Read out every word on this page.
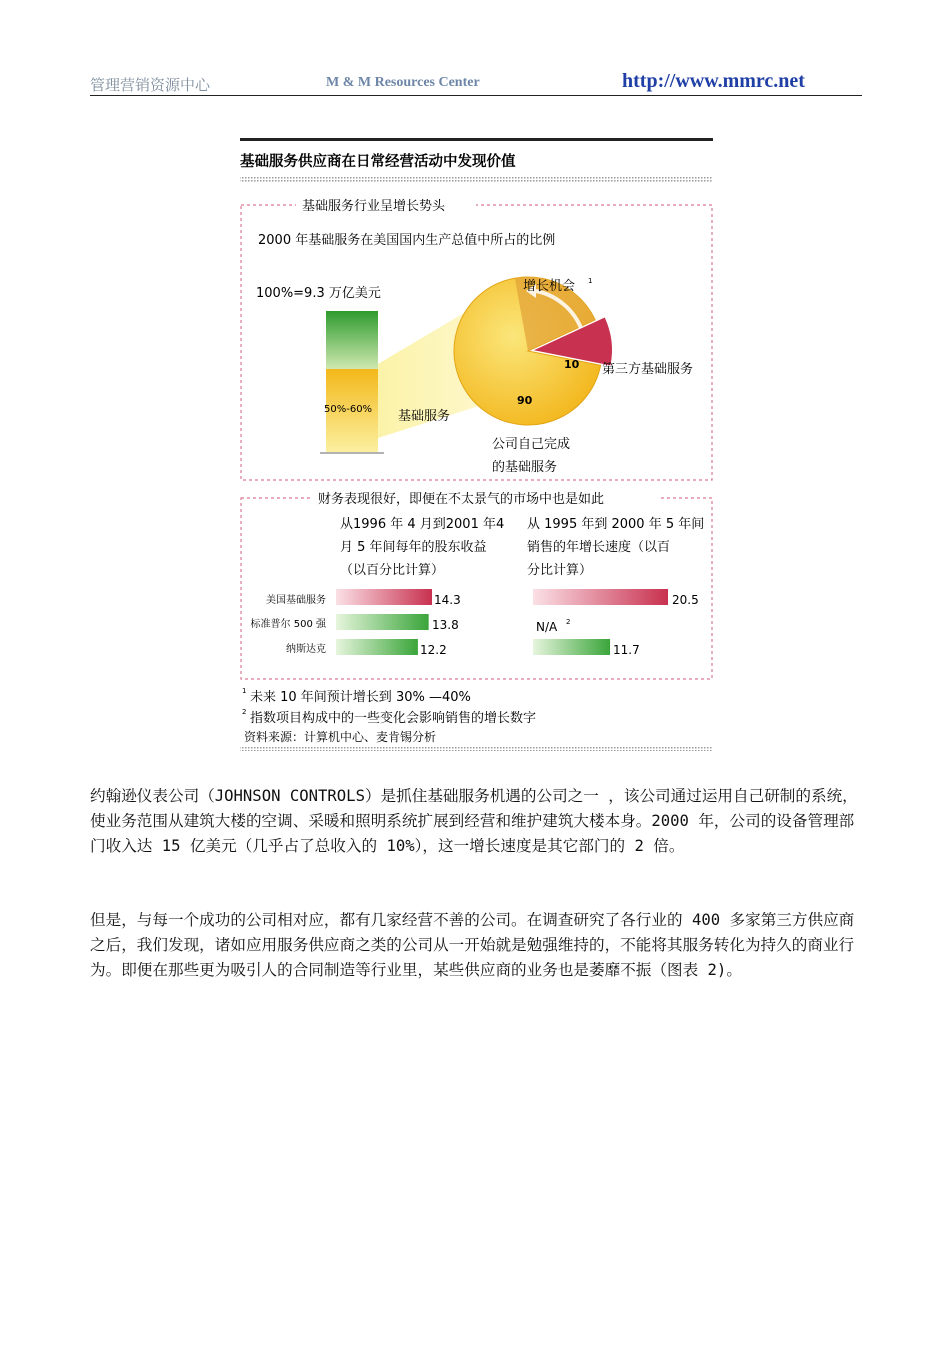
管理营销资源中心	M & M Resources Center	http://www.mmrc.net
基础服务供应商在日常经营活动中发现价值
基础服务行业呈增长势头
2000 年基础服务在美国国内生产总值中所占的比例
100%=9.3 万亿美元
50%-60% 基础服务
增长机会 1
10
90
第三方基础服务
公司自己完成
的基础服务
财务表现很好，即便在不太景气的市场中也是如此
从1996 年 4 月到2001 年4
月 5 年间每年的股东收益
（以百分比计算）
从 1995 年到 2000 年 5 年间
销售的年增长速度（以百
分比计算）
美国基础服务
标准普尔 500 强
纳斯达克
14.3
13.8
12.2
20.5
N/A 2
11.7
1 未来 10 年间预计增长到 30% —40%
2 指数项目构成中的一些变化会影响销售的增长数字
资料来源：计算机中心、麦肯锡分析
约翰逊仪表公司（JOHNSON CONTROLS）是抓住基础服务机遇的公司之一 ，该公司通过运用自己研制的系统，使业务范围从建筑大楼的空调、采暖和照明系统扩展到经营和维护建筑大楼本身。2000 年，公司的设备管理部门收入达 15 亿美元（几乎占了总收入的 10%），这一增长速度是其它部门的 2 倍。
但是，与每一个成功的公司相对应，都有几家经营不善的公司。在调查研究了各行业的 400 多家第三方供应商之后，我们发现，诸如应用服务供应商之类的公司从一开始就是勉强维持的，不能将其服务转化为持久的商业行为。即便在那些更为吸引人的合同制造等行业里，某些供应商的业务也是萎靡不振（图表 2)。
